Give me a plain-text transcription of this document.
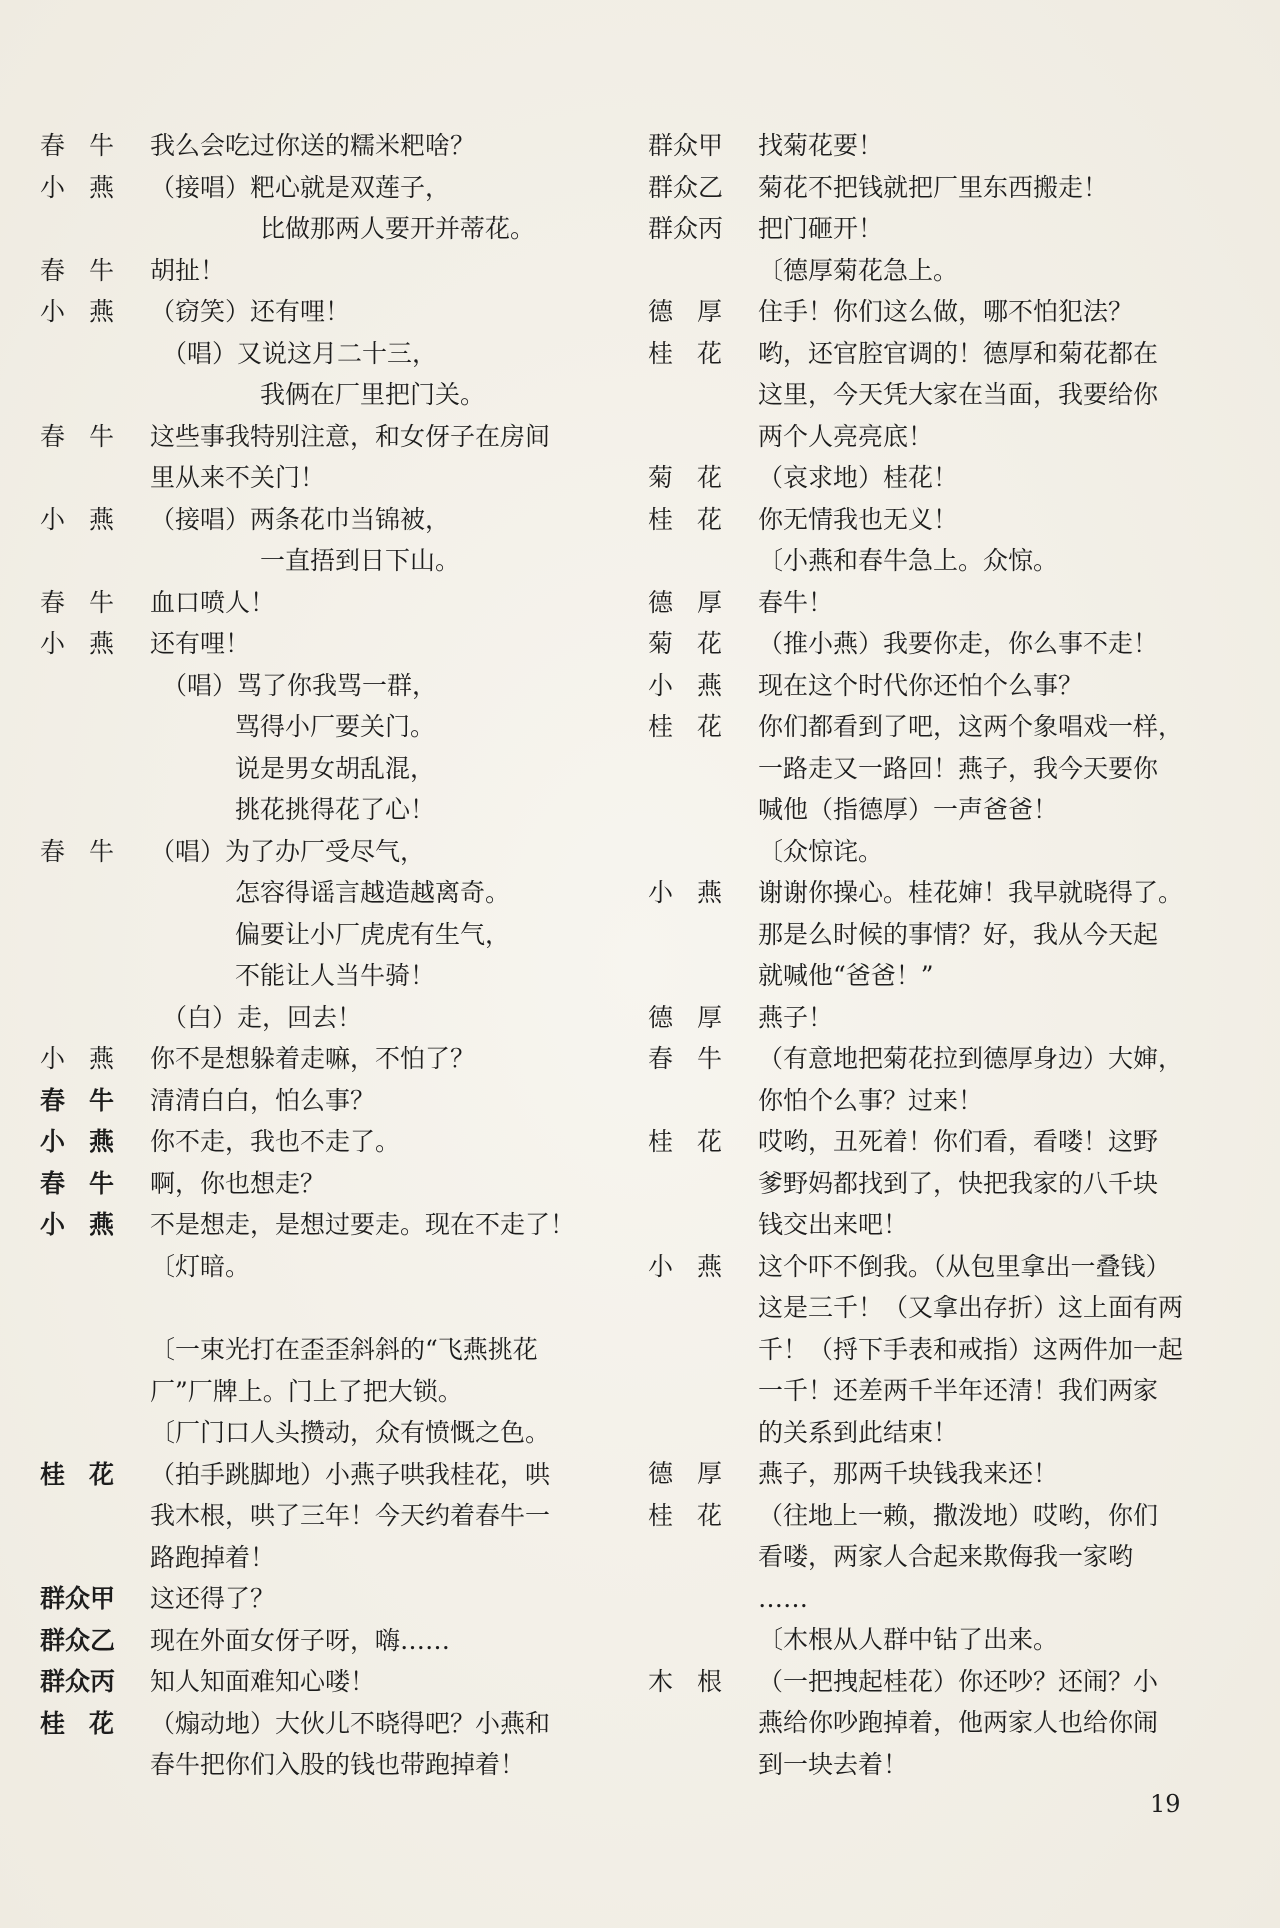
春牛 我么会吃过你送的糯米粑啥？
小燕 （接唱）粑心就是双莲子，
比做那两人要开并蒂花。
春牛 胡扯！
小燕 （窃笑）还有哩！
（唱）又说这月二十三，
我俩在厂里把门关。
春牛 这些事我特别注意，和女伢子在房间
里从来不关门！
小燕 （接唱）两条花巾当锦被，
一直捂到日下山。
春牛 血口喷人！
小燕 还有哩！
（唱）骂了你我骂一群，
骂得小厂要关门。
说是男女胡乱混，
挑花挑得花了心！
春牛 （唱）为了办厂受尽气，
怎容得谣言越造越离奇。
偏要让小厂虎虎有生气，
不能让人当牛骑！
（白）走，回去！
小燕 你不是想躲着走嘛，不怕了？
春牛 清清白白，怕么事？
小燕 你不走，我也不走了。
春牛 啊，你也想走？
小燕 不是想走，是想过要走。现在不走了！
〔灯暗。
〔一束光打在歪歪斜斜的“飞燕挑花
厂”厂牌上。门上了把大锁。
〔厂门口人头攒动，众有愤慨之色。
桂花 （拍手跳脚地）小燕子哄我桂花，哄
我木根，哄了三年！今天约着春牛一
路跑掉着！
群众甲	这还得了？
群众乙	现在外面女伢子呀，嗨……
群众丙	知人知面难知心喽！
桂花 （煽动地）大伙儿不晓得吧？小燕和
春牛把你们入股的钱也带跑掉着！
群众甲	找菊花要！
群众乙	菊花不把钱就把厂里东西搬走！
群众丙	把门砸开！
〔德厚菊花急上。
德厚 住手！你们这么做，哪不怕犯法？
桂花 哟，还官腔官调的！德厚和菊花都在
这里，今天凭大家在当面，我要给你
两个人亮亮底！
菊花 （哀求地）桂花！
桂花 你无情我也无义！
〔小燕和春牛急上。众惊。
德厚 春牛！
菊花 （推小燕）我要你走，你么事不走！
小燕 现在这个时代你还怕个么事？
桂花 你们都看到了吧，这两个象唱戏一样，
一路走又一路回！燕子，我今天要你
喊他（指德厚）一声爸爸！
〔众惊诧。
小燕 谢谢你操心。桂花婶！我早就晓得了。
那是么时候的事情？好，我从今天起
就喊他“爸爸！”
德厚 燕子！
春牛 （有意地把菊花拉到德厚身边）大婶，
你怕个么事？过来！
桂花 哎哟，丑死着！你们看，看喽！这野
爹野妈都找到了，快把我家的八千块
钱交出来吧！
小燕 这个吓不倒我。（从包里拿出一叠钱）
这是三千！（又拿出存折）这上面有两
千！（捋下手表和戒指）这两件加一起
一千！还差两千半年还清！我们两家
的关系到此结束！
德厚 燕子，那两千块钱我来还！
桂花 （往地上一赖，撒泼地）哎哟，你们
看喽，两家人合起来欺侮我一家哟
……
〔木根从人群中钻了出来。
木根 （一把拽起桂花）你还吵？还闹？小
燕给你吵跑掉着，他两家人也给你闹
到一块去着！
19
